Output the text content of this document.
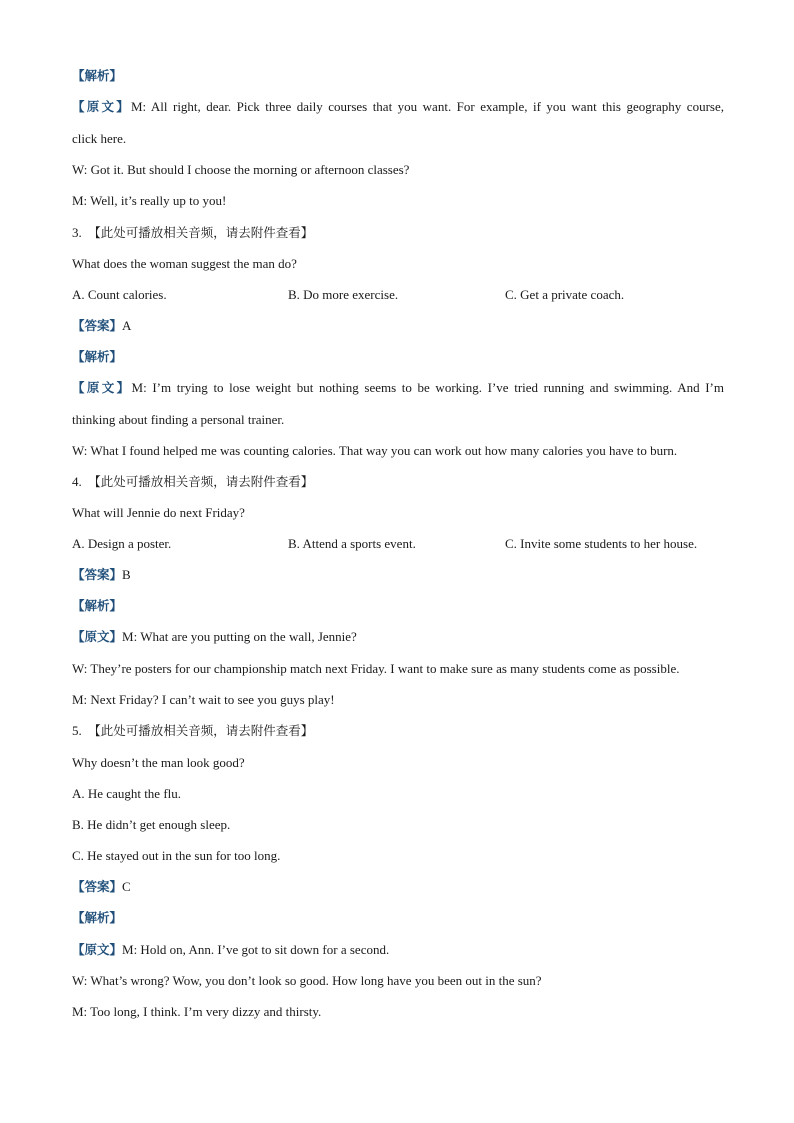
【解析】
【原文】M: All right, dear. Pick three daily courses that you want. For example, if you want this geography course,
click here.
W: Got it. But should I choose the morning or afternoon classes?
M: Well, it’s really up to you!
3. 【此处可播放相关音频，请去附件查看】
What does the woman suggest the man do?
A. Count calories.	B. Do more exercise.	C. Get a private coach.
【答案】A
【解析】
【原文】M: I’m trying to lose weight but nothing seems to be working. I’ve tried running and swimming. And I’m
thinking about finding a personal trainer.
W: What I found helped me was counting calories. That way you can work out how many calories you have to burn.
4. 【此处可播放相关音频，请去附件查看】
What will Jennie do next Friday?
A. Design a poster.	B. Attend a sports event.	C. Invite some students to her house.
【答案】B
【解析】
【原文】M: What are you putting on the wall, Jennie?
W: They’re posters for our championship match next Friday. I want to make sure as many students come as possible.
M: Next Friday? I can’t wait to see you guys play!
5. 【此处可播放相关音频，请去附件查看】
Why doesn’t the man look good?
A. He caught the flu.
B. He didn’t get enough sleep.
C. He stayed out in the sun for too long.
【答案】C
【解析】
【原文】M: Hold on, Ann. I’ve got to sit down for a second.
W: What’s wrong? Wow, you don’t look so good. How long have you been out in the sun?
M: Too long, I think. I’m very dizzy and thirsty.
